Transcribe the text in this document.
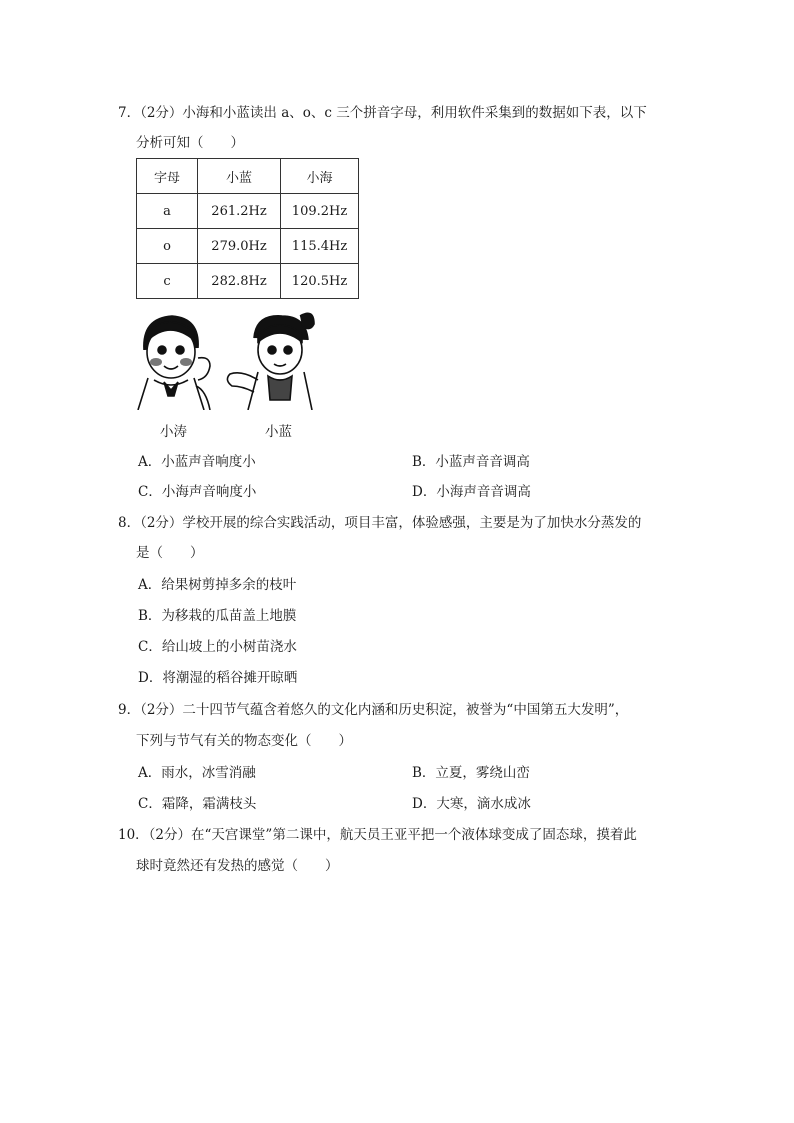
7．（2分）小海和小蓝读出 a、o、c 三个拼音字母，利用软件采集到的数据如下表，以下
分析可知（　　）
字母	小蓝	小海
a	261.2Hz	109.2Hz
o	279.0Hz	115.4Hz
c	282.8Hz	120.5Hz
小涛	小蓝
A．小蓝声音响度小	B．小蓝声音音调高
C．小海声音响度小	D．小海声音音调高
8．（2分）学校开展的综合实践活动，项目丰富，体验感强，主要是为了加快水分蒸发的
是（　　）
A．给果树剪掉多余的枝叶
B．为移栽的瓜苗盖上地膜
C．给山坡上的小树苗浇水
D．将潮湿的稻谷摊开晾晒
9．（2分）二十四节气蕴含着悠久的文化内涵和历史积淀，被誉为“中国第五大发明”，
下列与节气有关的物态变化（　　）
A．雨水，冰雪消融	B．立夏，雾绕山峦
C．霜降，霜满枝头	D．大寒，滴水成冰
10．（2分）在“天宫课堂”第二课中，航天员王亚平把一个液体球变成了固态球，摸着此
球时竟然还有发热的感觉（　　）
